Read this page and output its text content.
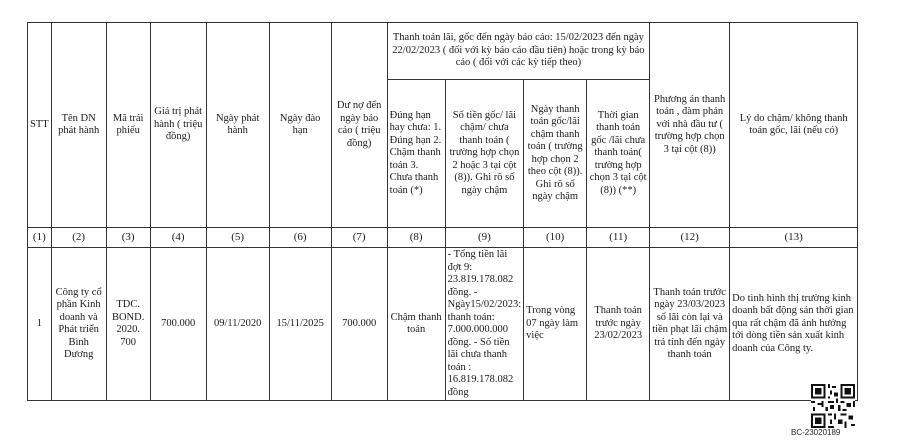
STT	Tên DN phát hành	Mã trái phiếu	Giá trị phát hành ( triệu đồng)	Ngày phát hành	Ngày đào hạn	Dư nợ đến ngày báo cáo ( triệu đồng)	Thanh toán lãi, gốc đến ngày báo cáo: 15/02/2023 đến ngày 22/02/2023 ( đối với kỳ báo cáo đầu tiên) hoặc trong kỳ báo cáo ( đối với các kỳ tiếp theo)				Phương án thanh toán , đàm phán với nhà đầu tư ( trường hợp chọn 3 tại cột (8))	Lý do chậm/ không thanh toán gốc, lãi (nếu có)
							Đúng hạn hay chưa: 1. Đúng hạn 2. Chậm thanh toán 3. Chưa thanh toán (*)	Số tiền gốc/ lãi chậm/ chưa thanh toán ( trường hợp chọn 2 hoặc 3 tại cột (8)). Ghi rõ số ngày chậm	Ngày thanh toán gốc/lãi chậm thanh toán ( trường hợp chọn 2 theo cột (8)). Ghi rõ số ngày chậm	Thời gian thanh toán gốc /lãi chưa thanh toán( trường hợp chọn 3 tại cột (8)) (**)		
(1)	(2)	(3)	(4)	(5)	(6)	(7)	(8)	(9)	(10)	(11)	(12)	(13)
1	Công ty cổ phần Kinh doanh và Phát triển Bình Dương	TDC. BOND. 2020. 700	700.000	09/11/2020	15/11/2025	700.000	Chậm thanh toán	- Tổng tiền lãi đợt 9: 23.819.178.082 đồng. - Ngày15/02/2023: thanh toán: 7.000.000.000 đồng. - Số tiền lãi chưa thanh toán : 16.819.178.082 đồng	Trong vòng 07 ngày làm việc	Thanh toán trước ngày 23/02/2023	Thanh toán trước ngày 23/03/2023 số lãi còn lại và tiền phạt lãi chậm trả tính đến ngày thanh toán	Do tình hình thị trường kinh doanh bất động sản thời gian qua rất chậm đã ảnh hưởng tới dòng tiền sản xuất kinh doanh của Công ty.
BC-23020189
